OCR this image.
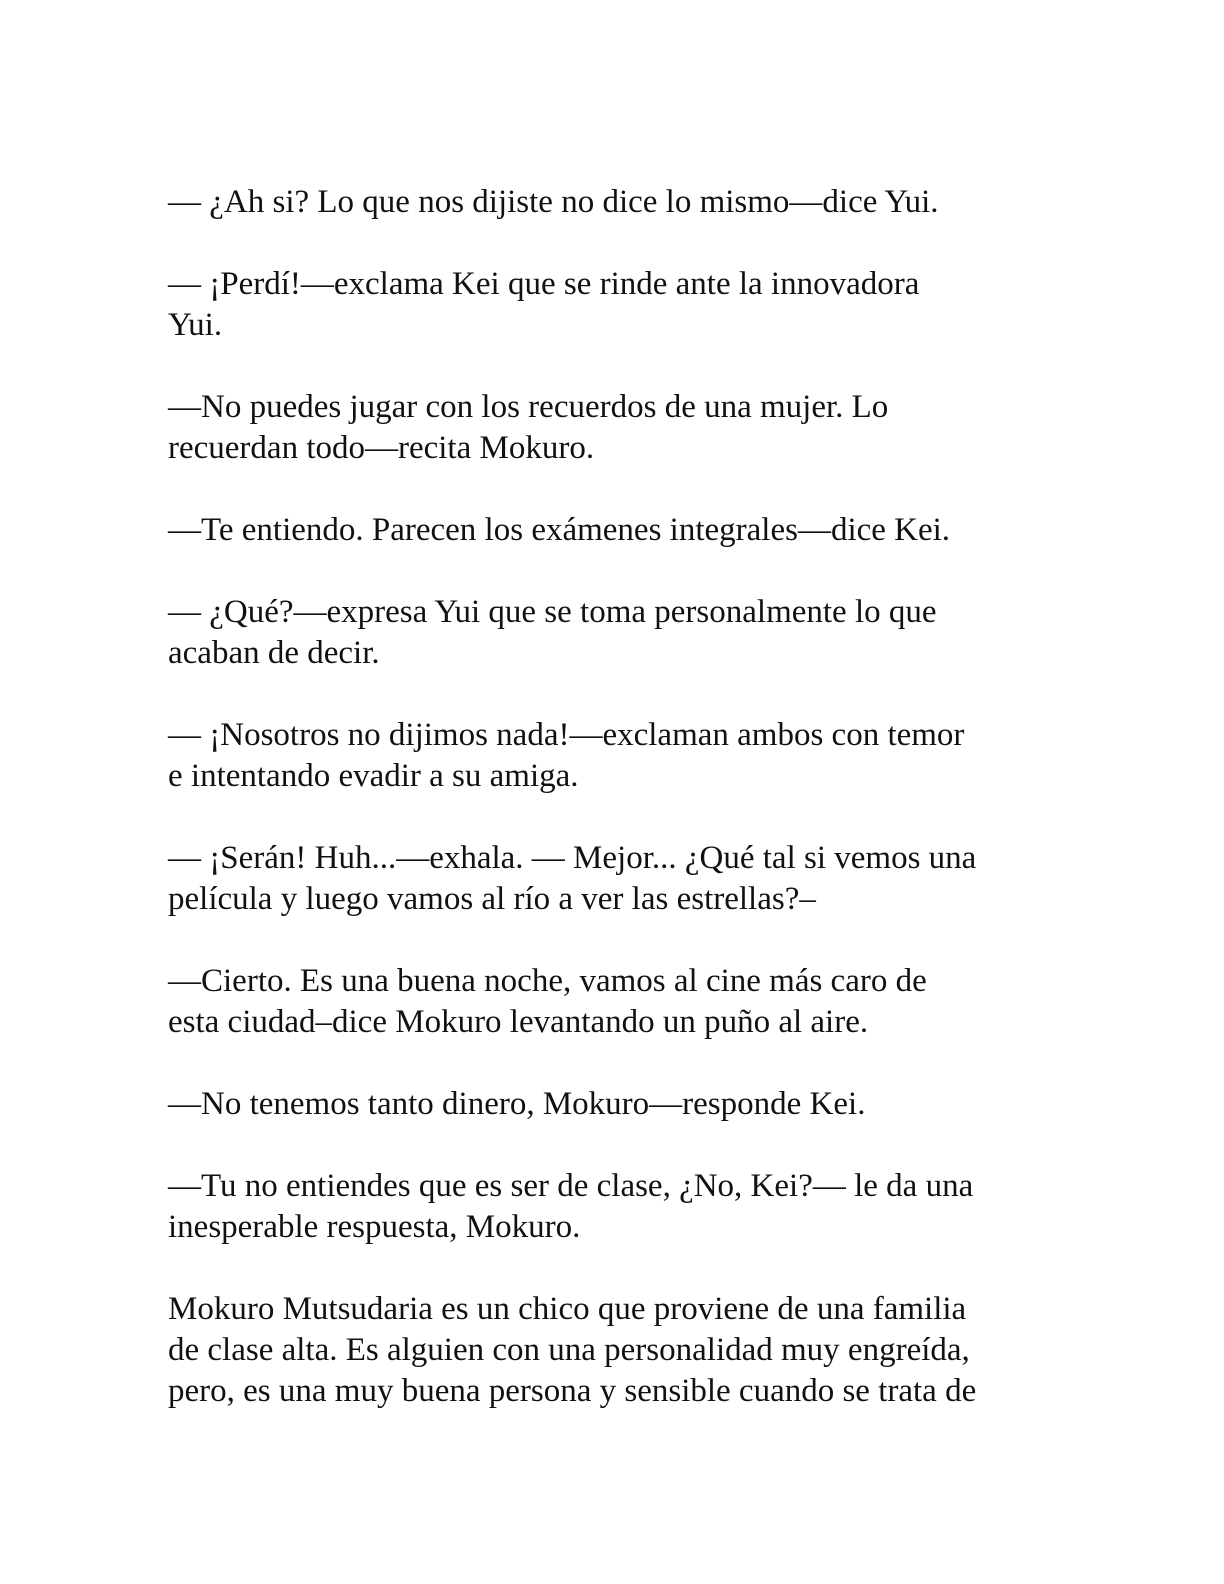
— ¿Ah si? Lo que nos dijiste no dice lo mismo—dice Yui.

— ¡Perdí!—exclama Kei que se rinde ante la innovadora
Yui.

—No puedes jugar con los recuerdos de una mujer. Lo
recuerdan todo—recita Mokuro.

—Te entiendo. Parecen los exámenes integrales—dice Kei.

— ¿Qué?—expresa Yui que se toma personalmente lo que
acaban de decir.

— ¡Nosotros no dijimos nada!—exclaman ambos con temor
e intentando evadir a su amiga.

— ¡Serán! Huh...—exhala. — Mejor... ¿Qué tal si vemos una
película y luego vamos al río a ver las estrellas?–

—Cierto. Es una buena noche, vamos al cine más caro de
esta ciudad–dice Mokuro levantando un puño al aire.

—No tenemos tanto dinero, Mokuro—responde Kei.

—Tu no entiendes que es ser de clase, ¿No, Kei?— le da una
inesperable respuesta, Mokuro.

Mokuro Mutsudaria es un chico que proviene de una familia
de clase alta. Es alguien con una personalidad muy engreída,
pero, es una muy buena persona y sensible cuando se trata de
